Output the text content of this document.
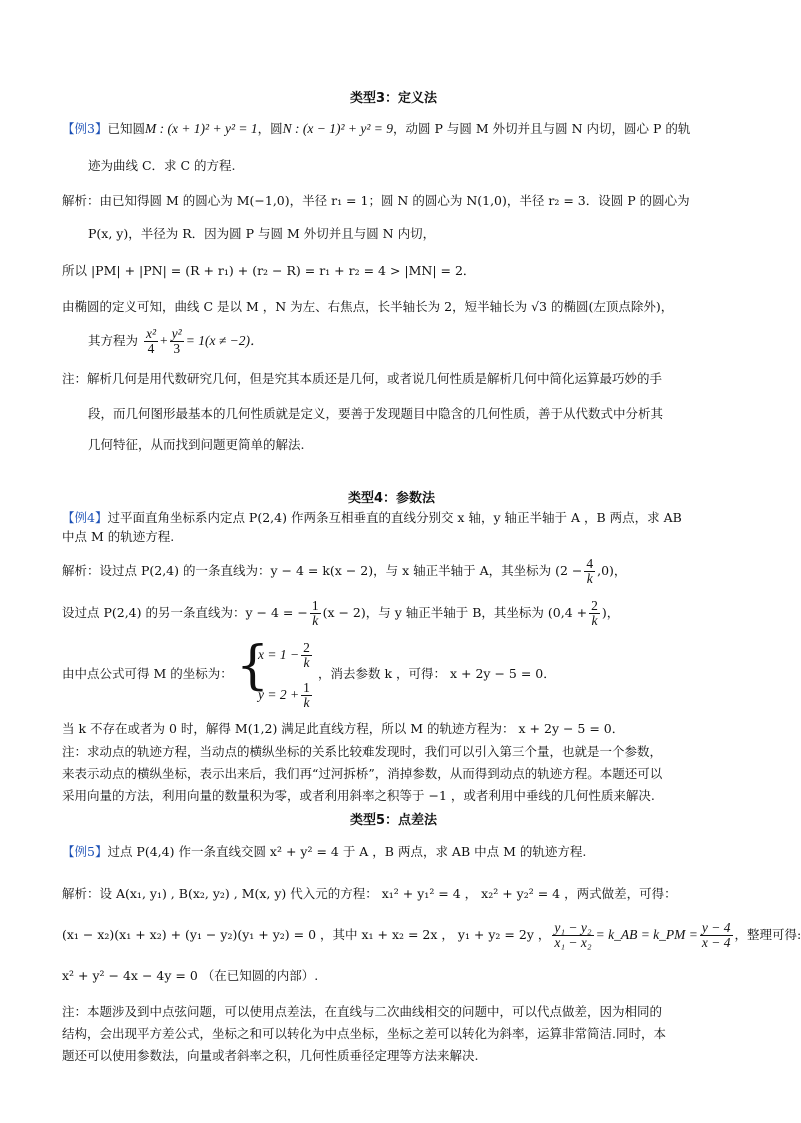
类型3：定义法
【例3】已知圆M : (x + 1)² + y² = 1，圆N : (x − 1)² + y² = 9，动圆 P 与圆 M 外切并且与圆 N 内切，圆心 P 的轨
迹为曲线 C．求 C 的方程.
解析：由已知得圆 M 的圆心为 M(−1,0)，半径 r₁ = 1；圆 N 的圆心为 N(1,0)，半径 r₂ = 3．设圆 P 的圆心为
P(x, y)，半径为 R．因为圆 P 与圆 M 外切并且与圆 N 内切，
所以 |PM| + |PN| = (R + r₁) + (r₂ − R) = r₁ + r₂ = 4 > |MN| = 2．
由椭圆的定义可知，曲线 C 是以 M ，N 为左、右焦点，长半轴长为 2，短半轴长为 √3 的椭圆(左顶点除外)，
其方程为 $\frac{\text{x²}}{4} + \frac{\text{y²}}{3} = 1(x \ne -2)$．
注：解析几何是用代数研究几何，但是究其本质还是几何，或者说几何性质是解析几何中简化运算最巧妙的手
段，而几何图形最基本的几何性质就是定义，要善于发现题目中隐含的几何性质，善于从代数式中分析其
几何特征，从而找到问题更简单的解法.
类型4：参数法
【例4】过平面直角坐标系内定点 P(2,4) 作两条互相垂直的直线分别交 x 轴，y 轴正半轴于 A ，B 两点，求 AB
中点 M 的轨迹方程.
解析：设过点 P(2,4) 的一条直线为：y − 4 = k(x − 2)，与 x 轴正半轴于 A，其坐标为 $(2 - \frac{4}{k} ,0)$，
设过点 P(2,4) 的另一条直线为：y − 4 = − $\frac{1}{k} (x - 2)$，与 y 轴正半轴于 B，其坐标为 ($0,4 + \frac{2}{k}$ )，
由中点公式可得 M 的坐标为： {
$x = 1 - \frac{2}{k}$
$y = 2 + \frac{1}{k}$
，消去参数 k ，可得： x + 2y − 5 = 0．
当 k 不存在或者为 0 时，解得 M(1,2) 满足此直线方程，所以 M 的轨迹方程为： x + 2y − 5 = 0．
注：求动点的轨迹方程，当动点的横纵坐标的关系比较难发现时，我们可以引入第三个量，也就是一个参数，
来表示动点的横纵坐标，表示出来后，我们再“过河拆桥”，消掉参数，从而得到动点的轨迹方程。本题还可以
采用向量的方法，利用向量的数量积为零，或者利用斜率之积等于 −1 ，或者利用中垂线的几何性质来解决.
类型5：点差法
【例5】过点 P(4,4) 作一条直线交圆 x² + y² = 4 于 A ，B 两点，求 AB 中点 M 的轨迹方程.
解析：设 A(x₁, y₁) , B(x₂, y₂) , M(x, y) 代入元的方程： x₁² + y₁² = 4 ， x₂² + y₂² = 4 ，两式做差，可得：
(x₁ − x₂)(x₁ + x₂) + (y₁ − y₂)(y₁ + y₂) = 0 ，其中 x₁ + x₂ = 2x ， y₁ + y₂ = 2y ， $\frac{\text{y₁ − y₂}}{\text{x₁ − x₂}}$ = k_AB = k_PM = $\frac{y - 4}{x - 4}$ ，整理可得:
x² + y² − 4x − 4y = 0 （在已知圆的内部）.
注：本题涉及到中点弦问题，可以使用点差法，在直线与二次曲线相交的问题中，可以代点做差，因为相同的
结构，会出现平方差公式，坐标之和可以转化为中点坐标，坐标之差可以转化为斜率，运算非常简洁.同时，本
题还可以使用参数法，向量或者斜率之积，几何性质垂径定理等方法来解决.
